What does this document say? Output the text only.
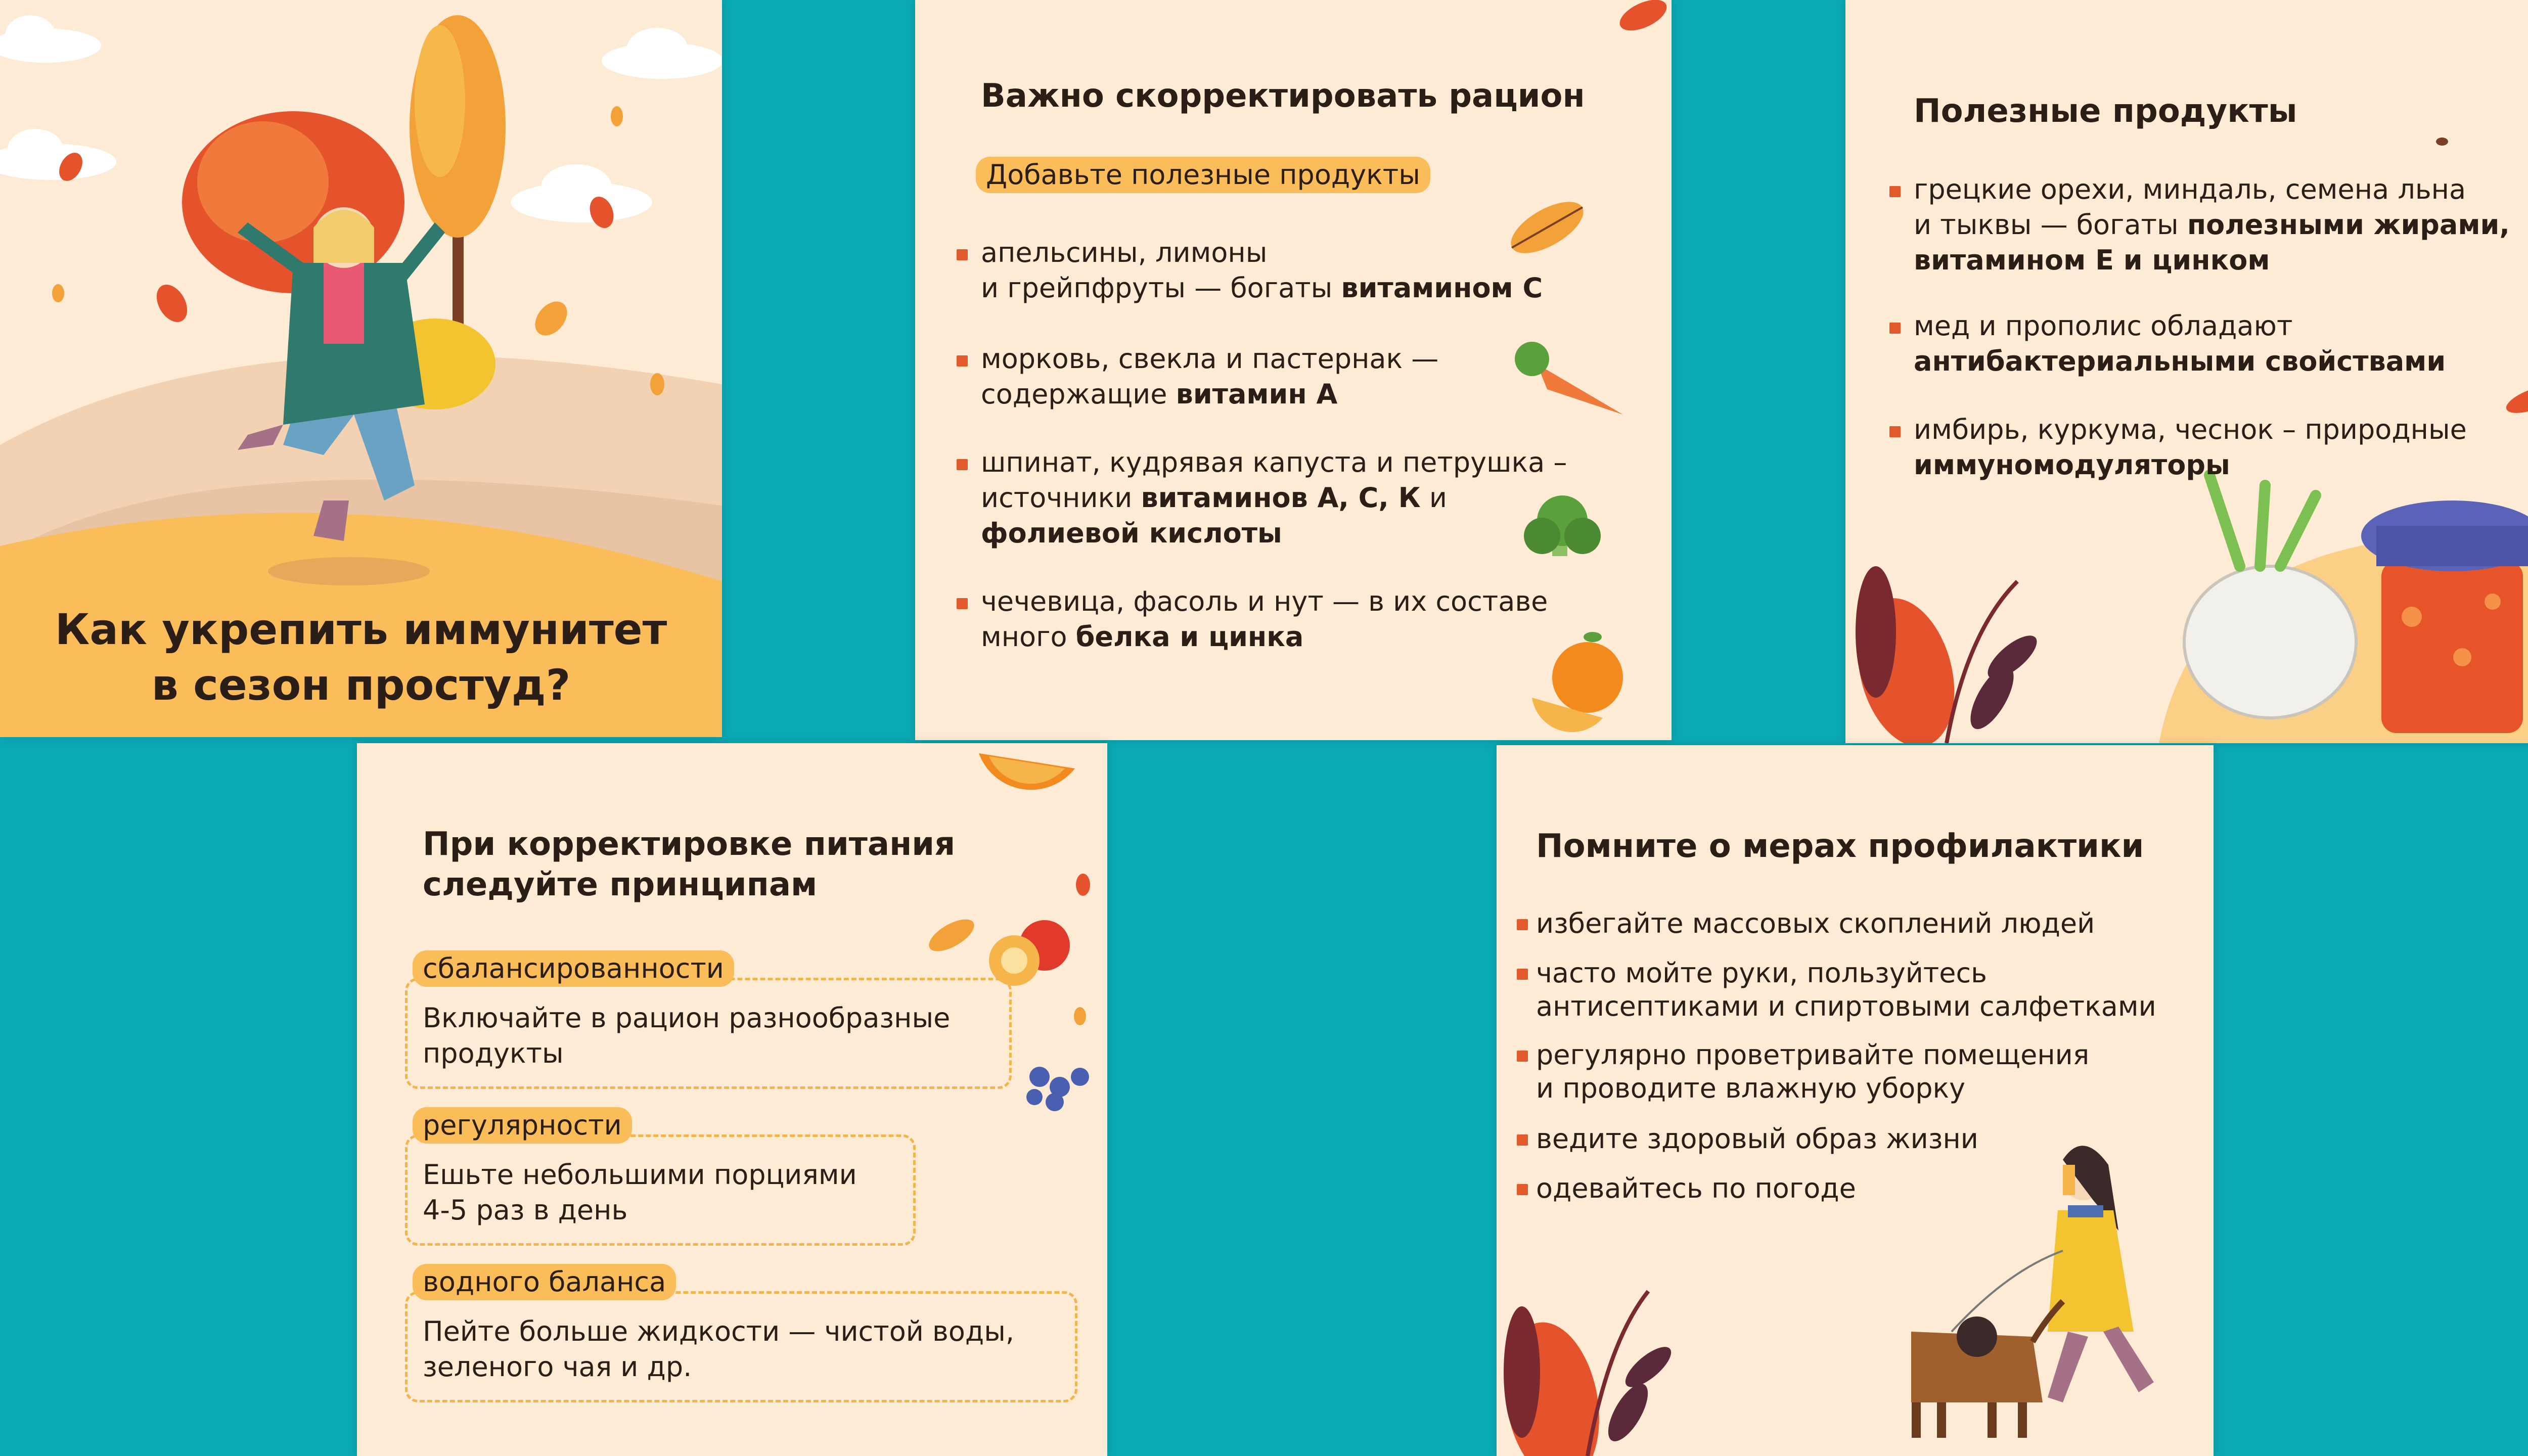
Как укрепить иммунитет
в сезон простуд?
Важно скорректировать рацион
Добавьте полезные продукты
апельсины, лимоны
и грейпфруты — богаты витамином С
морковь, свекла и пастернак —
содержащие витамин А
шпинат, кудрявая капуста и петрушка –
источники витаминов А, С, К и
фолиевой кислоты
чечевица, фасоль и нут — в их составе
много белка и цинка
Полезные продукты
грецкие орехи, миндаль, семена льна
и тыквы — богаты полезными жирами,
витамином Е и цинком
мед и прополис обладают
антибактериальными свойствами
имбирь, куркума, чеснок – природные
иммуномодуляторы
При корректировке питания
следуйте принципам
Включайте в рацион разнообразные
продукты
сбалансированности
Ешьте небольшими порциями
4-5 раз в день
регулярности
Пейте больше жидкости — чистой воды,
зеленого чая и др.
водного баланса
Помните о мерах профилактики
избегайте массовых скоплений людей
часто мойте руки, пользуйтесь
антисептиками и спиртовыми салфетками
регулярно проветривайте помещения
и проводите влажную уборку
ведите здоровый образ жизни
одевайтесь по погоде
